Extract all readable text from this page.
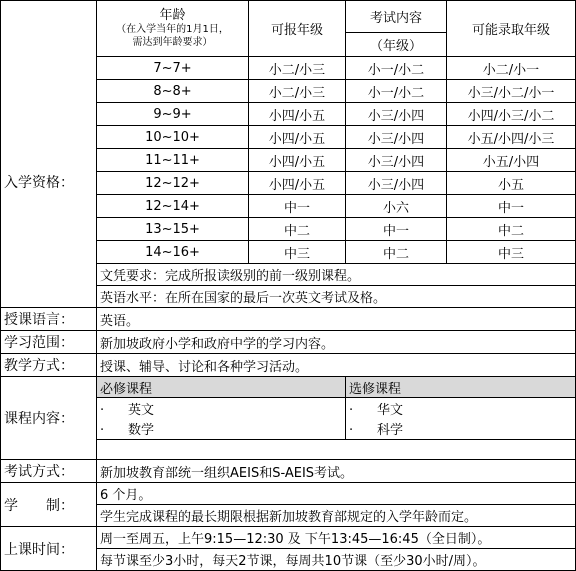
	年龄
（在入学当年的1月1日，
需达到年龄要求）	可报年级	考试内容	可能录取年级
			（年级）	
入学资格：	7~7+	小二/小三	小一/小二	小二/小一
	8~8+	小二/小三	小一/小二	小三/小二/小一
	9~9+	小四/小五	小三/小四	小四/小三/小二
	10~10+	小四/小五	小三/小四	小五/小四/小三
	11~11+	小四/小五	小三/小四	小五/小四
	12~12+	小四/小五	小三/小四	小五
	12~14+	中一	小六	中一
	13~15+	中二	中一	中二
	14~16+	中三	中二	中三
	文凭要求：完成所报读级别的前一级别课程。			
	英语水平：在所在国家的最后一次英文考试及格。			
授课语言：	英语。			
学习范围：	新加坡政府小学和政府中学的学习内容。			
教学方式：	授课、辅导、讨论和各种学习活动。			
课程内容：	必修课程		选修课程	
	· 英文		· 华文	
	· 数学		· 科学	

考试方式：	新加坡教育部统一组织AEIS和S-AEIS考试。			
学　　制：	6 个月。			
	学生完成课程的最长期限根据新加坡教育部规定的入学年龄而定。			
上课时间：	周一至周五，上午9:15—12:30 及 下午13:45—16:45（全日制）。			
	每节课至少3小时，每天2节课，每周共10节课（至少30小时/周）。			
